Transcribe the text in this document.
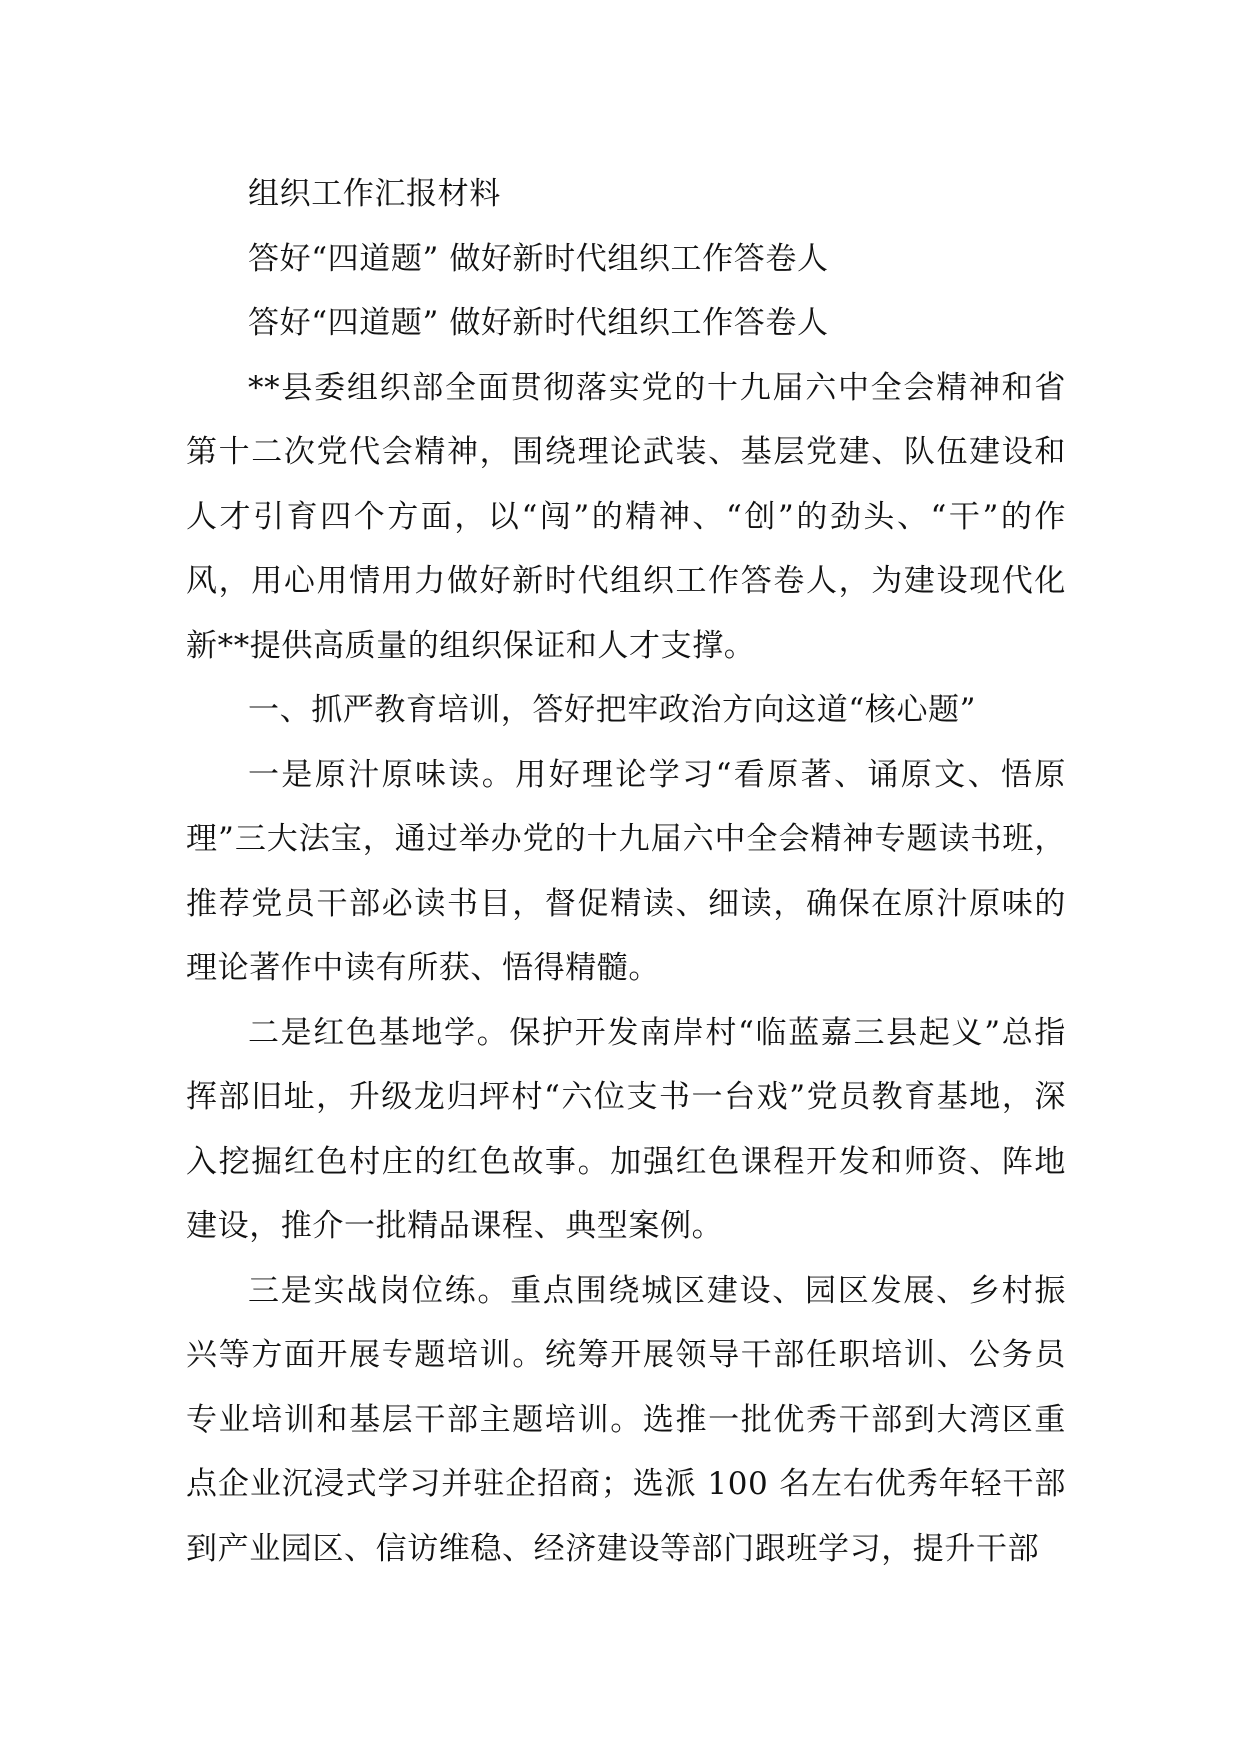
组织工作汇报材料

答好“四道题” 做好新时代组织工作答卷人

答好“四道题” 做好新时代组织工作答卷人

**县委组织部全面贯彻落实党的十九届六中全会精神和省第十二次党代会精神，围绕理论武装、基层党建、队伍建设和人才引育四个方面，以“闯”的精神、“创”的劲头、“干”的作风，用心用情用力做好新时代组织工作答卷人，为建设现代化新**提供高质量的组织保证和人才支撑。

一、抓严教育培训，答好把牢政治方向这道“核心题”

一是原汁原味读。用好理论学习“看原著、诵原文、悟原理”三大法宝，通过举办党的十九届六中全会精神专题读书班，推荐党员干部必读书目，督促精读、细读，确保在原汁原味的理论著作中读有所获、悟得精髓。

二是红色基地学。保护开发南岸村“临蓝嘉三县起义”总指挥部旧址，升级龙归坪村“六位支书一台戏”党员教育基地，深入挖掘红色村庄的红色故事。加强红色课程开发和师资、阵地建设，推介一批精品课程、典型案例。

三是实战岗位练。重点围绕城区建设、园区发展、乡村振兴等方面开展专题培训。统筹开展领导干部任职培训、公务员专业培训和基层干部主题培训。选推一批优秀干部到大湾区重点企业沉浸式学习并驻企招商；选派 100 名左右优秀年轻干部到产业园区、信访维稳、经济建设等部门跟班学习，提升干部
